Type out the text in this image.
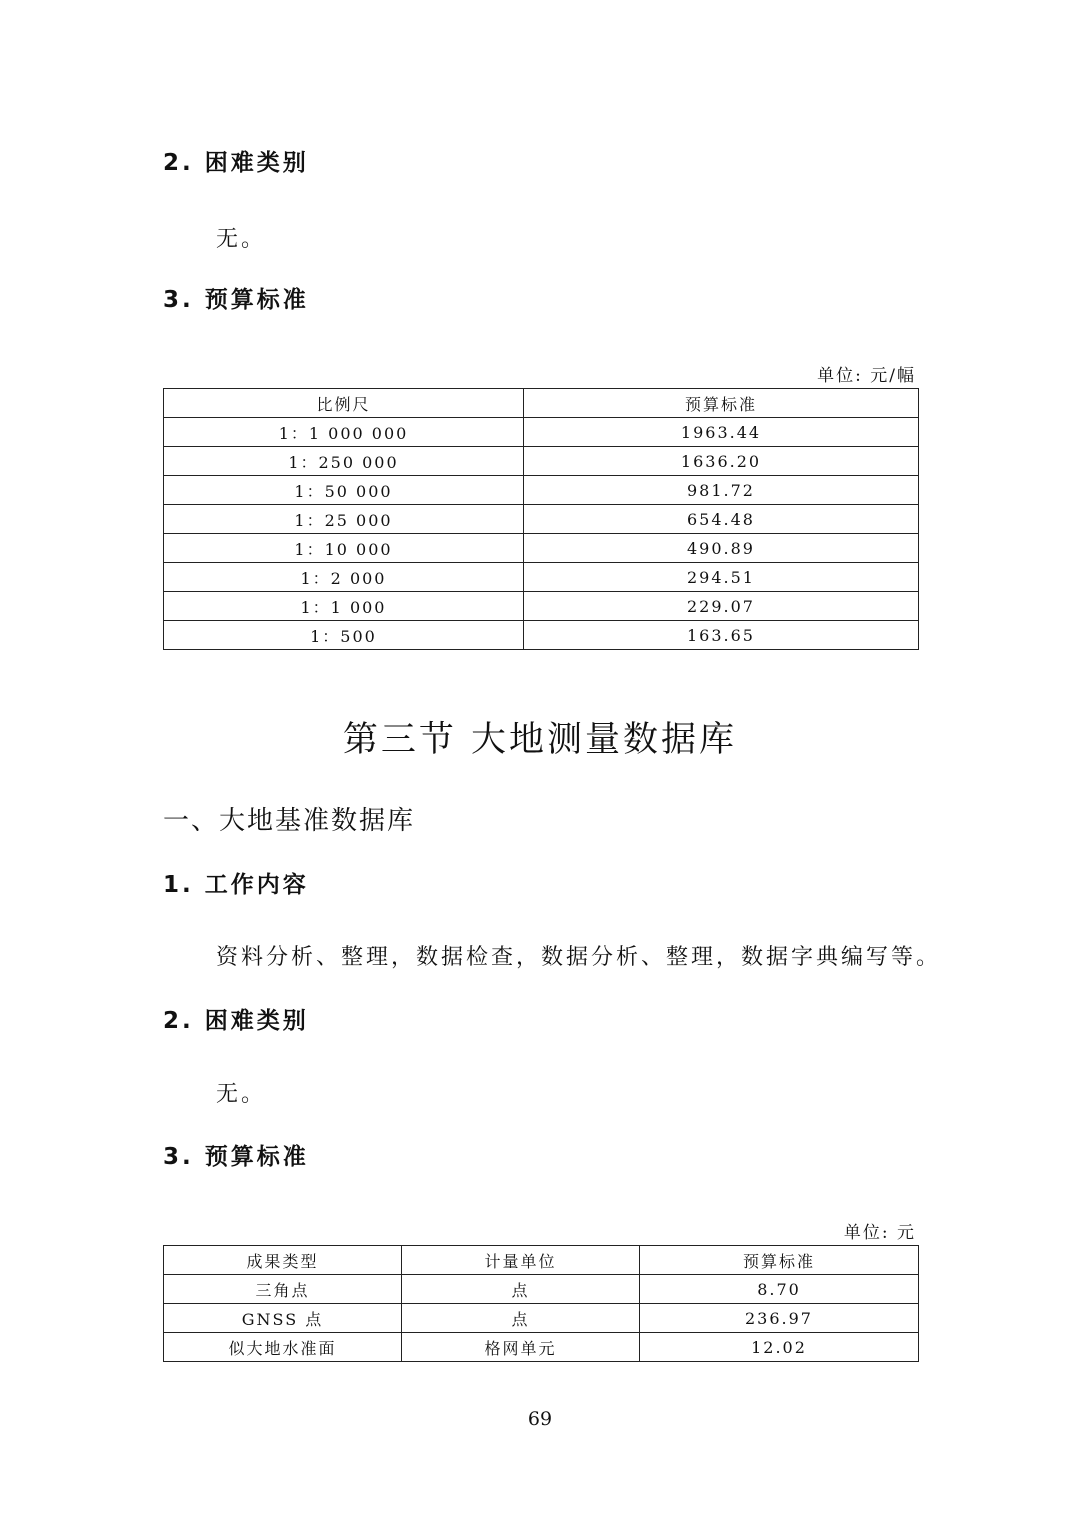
2. 困难类别
无。
3. 预算标准
单位: 元/幅
比例尺	预算标准
1：1 000 000	1963.44
1：250 000	1636.20
1：50 000	981.72
1：25 000	654.48
1：10 000	490.89
1：2 000	294.51
1：1 000	229.07
1：500	163.65
第三节 大地测量数据库
一、大地基准数据库
1. 工作内容
资料分析、整理，数据检查，数据分析、整理，数据字典编写等。
2. 困难类别
无。
3. 预算标准
单位: 元
成果类型	计量单位	预算标准
三角点	点	8.70
GNSS 点	点	236.97
似大地水准面	格网单元	12.02
69
